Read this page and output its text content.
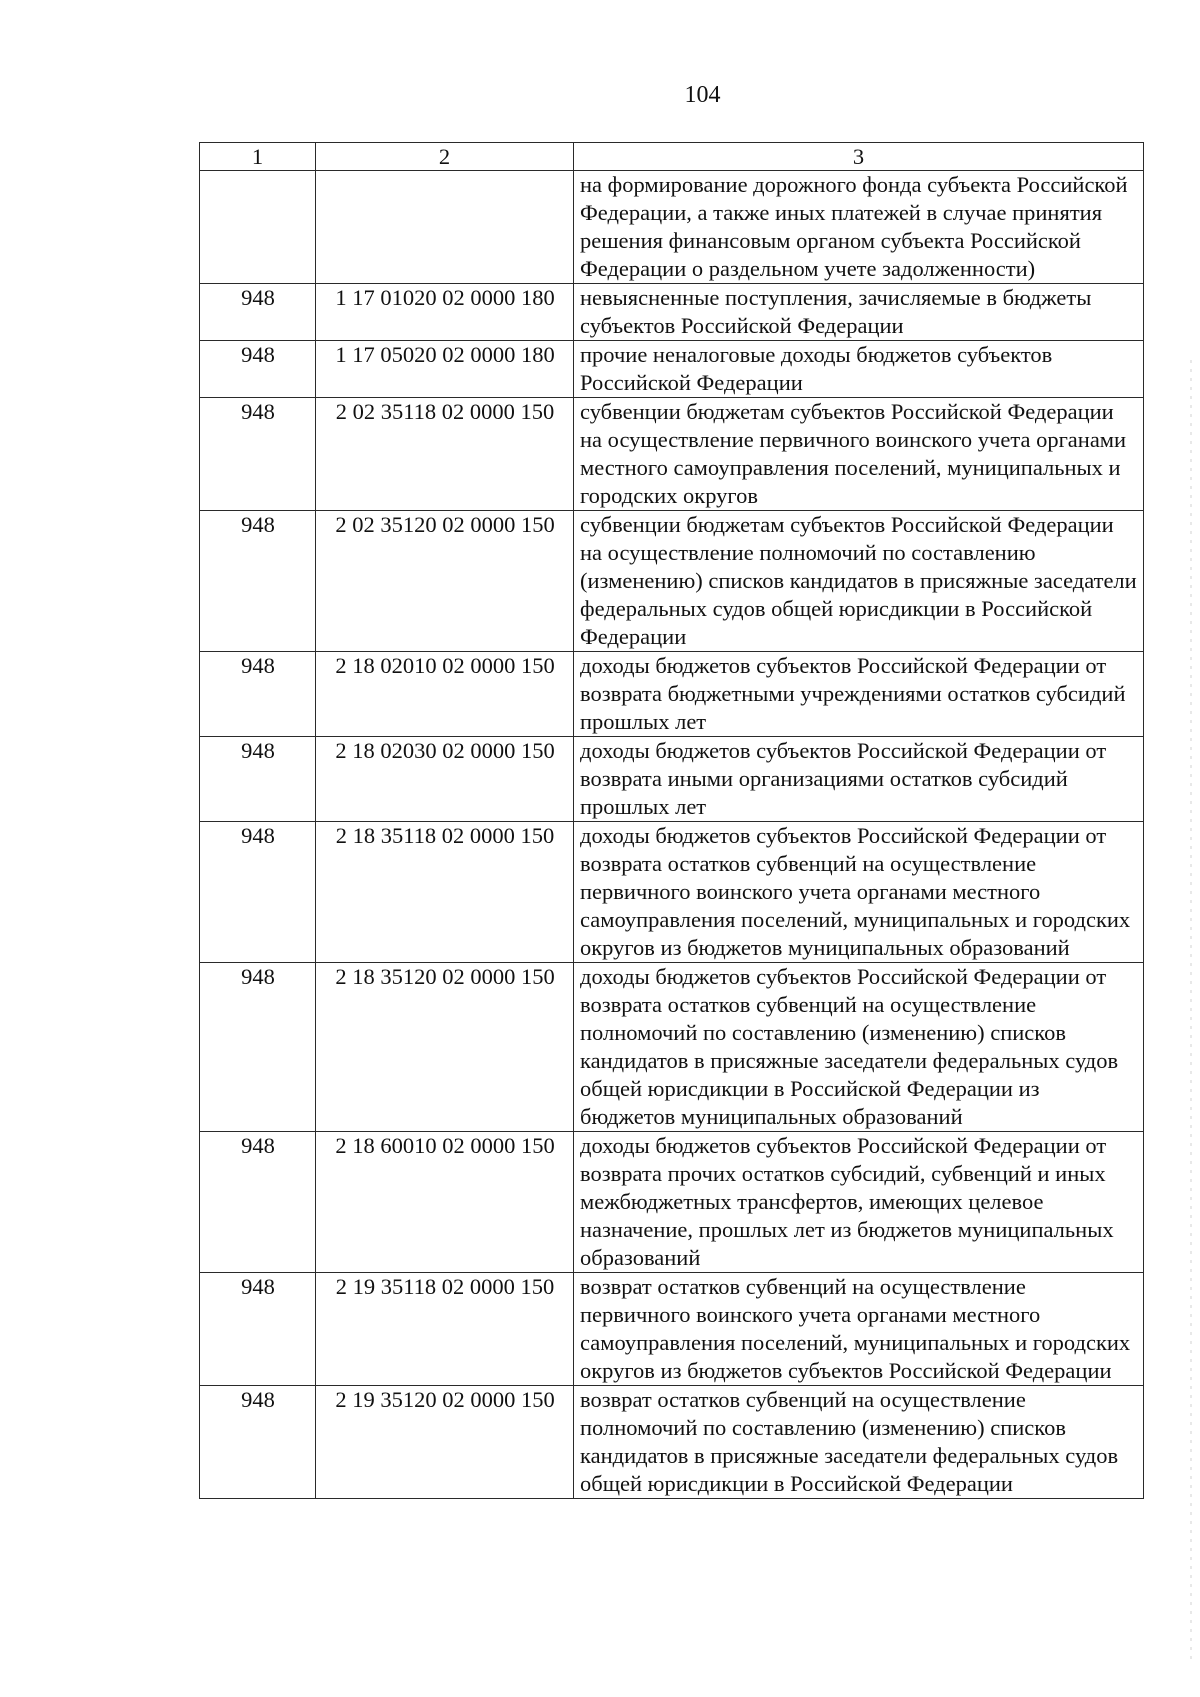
104
1	2	3
		на формирование дорожного фонда субъекта Российской Федерации, а также иных платежей в случае принятия решения финансовым органом субъекта Российской Федерации о раздельном учете задолженности)
948	1 17 01020 02 0000 180	невыясненные поступления, зачисляемые в бюджеты субъектов Российской Федерации
948	1 17 05020 02 0000 180	прочие неналоговые доходы бюджетов субъектов Российской Федерации
948	2 02 35118 02 0000 150	субвенции бюджетам субъектов Российской Федерации на осуществление первичного воинского учета органами местного самоуправления поселений, муниципальных и городских округов
948	2 02 35120 02 0000 150	субвенции бюджетам субъектов Российской Федерации на осуществление полномочий по составлению (изменению) списков кандидатов в присяжные заседатели федеральных судов общей юрисдикции в Российской Федерации
948	2 18 02010 02 0000 150	доходы бюджетов субъектов Российской Федерации от возврата бюджетными учреждениями остатков субсидий прошлых лет
948	2 18 02030 02 0000 150	доходы бюджетов субъектов Российской Федерации от возврата иными организациями остатков субсидий прошлых лет
948	2 18 35118 02 0000 150	доходы бюджетов субъектов Российской Федерации от возврата остатков субвенций на осуществление первичного воинского учета органами местного самоуправления поселений, муниципальных и городских округов из бюджетов муниципальных образований
948	2 18 35120 02 0000 150	доходы бюджетов субъектов Российской Федерации от возврата остатков субвенций на осуществление полномочий по составлению (изменению) списков кандидатов в присяжные заседатели федеральных судов общей юрисдикции в Российской Федерации из бюджетов муниципальных образований
948	2 18 60010 02 0000 150	доходы бюджетов субъектов Российской Федерации от возврата прочих остатков субсидий, субвенций и иных межбюджетных трансфертов, имеющих целевое назначение, прошлых лет из бюджетов муниципальных образований
948	2 19 35118 02 0000 150	возврат остатков субвенций на осуществление первичного воинского учета органами местного самоуправления поселений, муниципальных и городских округов из бюджетов субъектов Российской Федерации
948	2 19 35120 02 0000 150	возврат остатков субвенций на осуществление полномочий по составлению (изменению) списков кандидатов в присяжные заседатели федеральных судов общей юрисдикции в Российской Федерации
